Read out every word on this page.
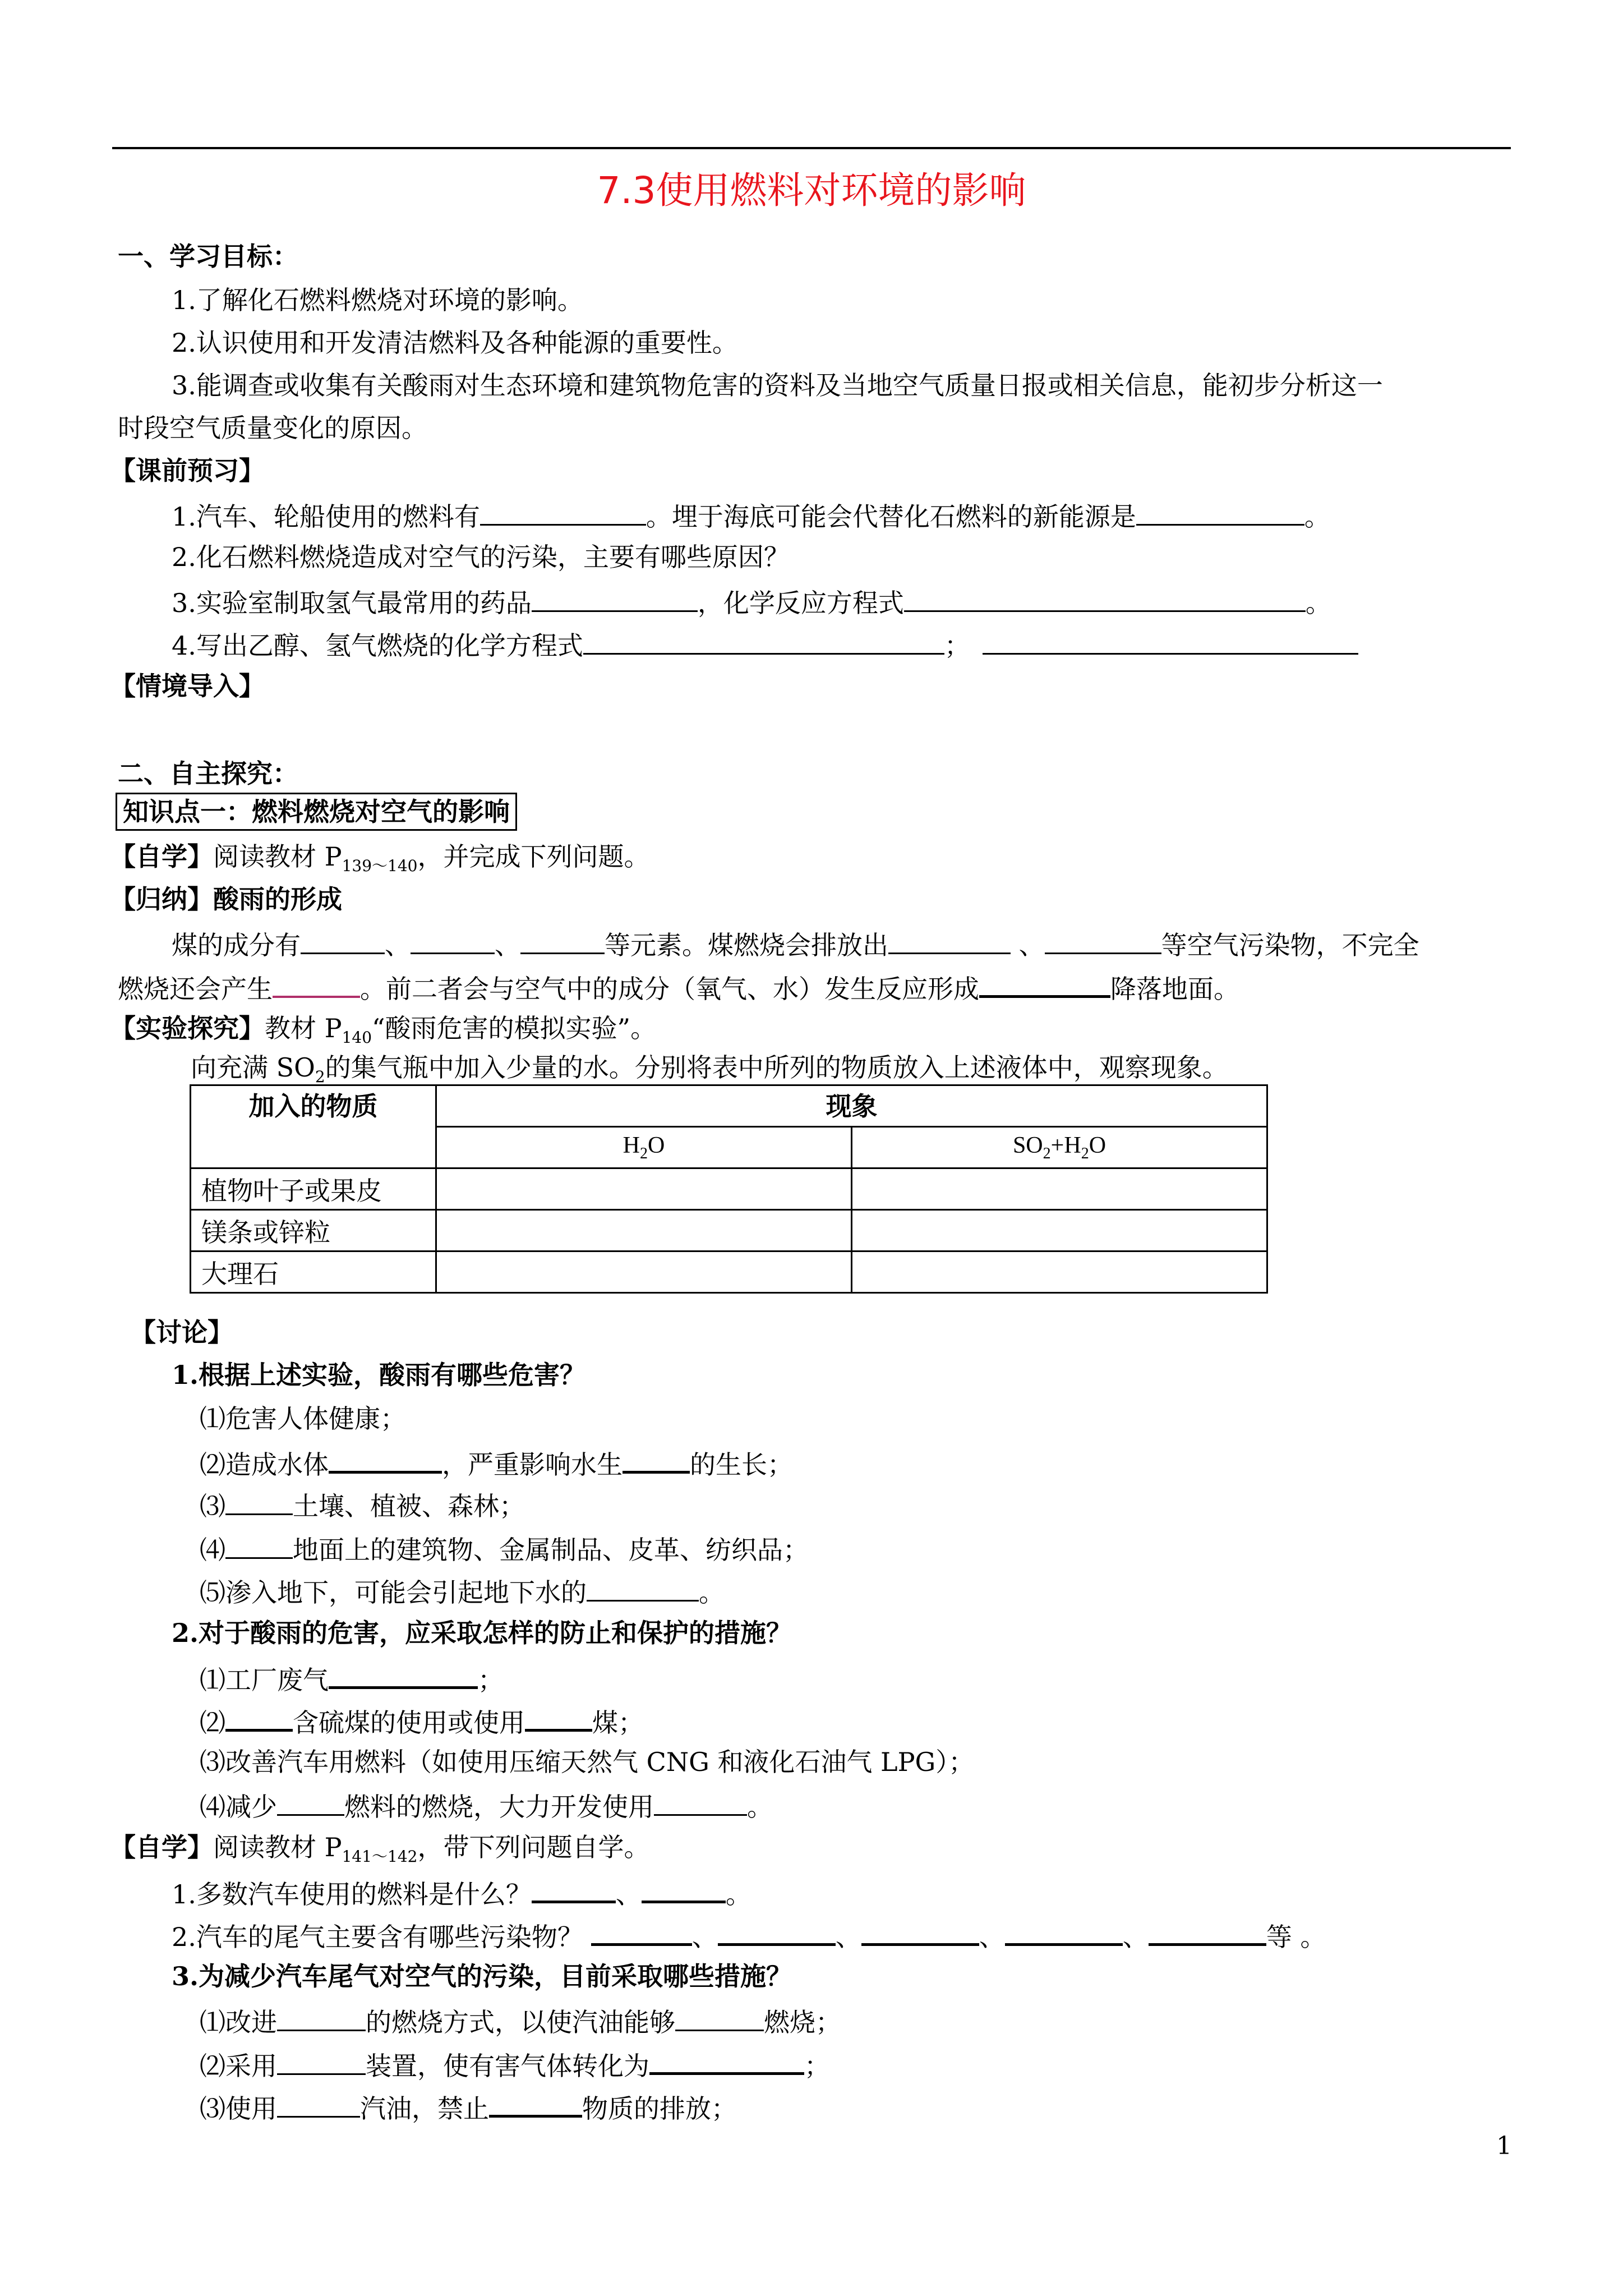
7.3使用燃料对环境的影响
一、学习目标：
1.了解化石燃料燃烧对环境的影响。
2.认识使用和开发清洁燃料及各种能源的重要性。
3.能调查或收集有关酸雨对生态环境和建筑物危害的资料及当地空气质量日报或相关信息，能初步分析这一
时段空气质量变化的原因。
【课前预习】
1.汽车、轮船使用的燃料有	。埋于海底可能会代替化石燃料的新能源是	。
2.化石燃料燃烧造成对空气的污染，主要有哪些原因？
3.实验室制取氢气最常用的药品	，化学反应方程式	。
4.写出乙醇、氢气燃烧的化学方程式	；
【情境导入】
二、自主探究：
知识点一：燃料燃烧对空气的影响
【自学】阅读教材 $P_{139\sim 140}$，并完成下列问题。
【归纳】酸雨的形成
煤的成分有	、	、	等元素。煤燃烧会排放出	、	等空气污染物，不完全
燃烧还会产生	。前二者会与空气中的成分（氧气、水）发生反应形成	降落地面。
【实验探究】教材 $P_{140}“$酸雨危害的模拟实验”。
向充满 $SO_2$的集气瓶中加入少量的水。分别将表中所列的物质放入上述液体中，观察现象。
加入的物质	现象	
	$H_2O$	$SO_2+H_2O$
植物叶子或果皮		
镁条或锌粒		
大理石		
【讨论】
1.根据上述实验，酸雨有哪些危害？
⑴危害人体健康；
⑵造成水体	，严重影响水生	的生长；
⑶	土壤、植被、森林；
⑷	地面上的建筑物、金属制品、皮革、纺织品；
⑸渗入地下，可能会引起地下水的	。
2.对于酸雨的危害，应采取怎样的防止和保护的措施？
⑴工厂废气	；
⑵	含硫煤的使用或使用	煤；
⑶改善汽车用燃料（如使用压缩天然气 CNG 和液化石油气 LPG）；
⑷减少	燃料的燃烧，大力开发使用	。
【自学】阅读教材 $P_{141\sim 142}$，带下列问题自学。
1.多数汽车使用的燃料是什么？	、	。
2.汽车的尾气主要含有哪些污染物？	、	、	、	、	等 。
3.为减少汽车尾气对空气的污染，目前采取哪些措施？
⑴改进	的燃烧方式，以使汽油能够	燃烧；
⑵采用	装置，使有害气体转化为	；
⑶使用	汽油，禁止	物质的排放；
1
